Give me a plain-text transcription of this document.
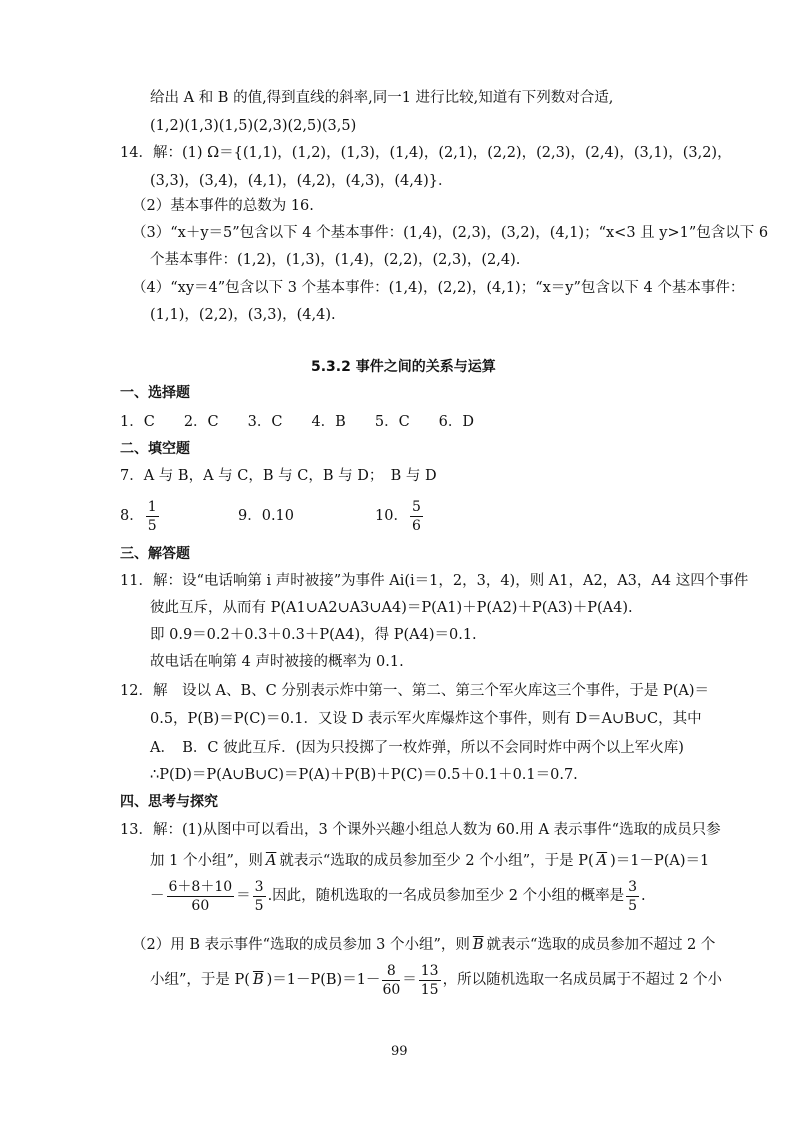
给出 A 和 B 的值,得到直线的斜率,同一1 进行比较,知道有下列数对合适,
(1,2)(1,3)(1,5)(2,3)(2,5)(3,5)
14．解：(1) Ω＝{(1,1)，(1,2)，(1,3)，(1,4)，(2,1)，(2,2)，(2,3)，(2,4)，(3,1)，(3,2)，
(3,3)，(3,4)，(4,1)，(4,2)，(4,3)，(4,4)}．
（2）基本事件的总数为 16.
（3）“x＋y＝5”包含以下 4 个基本事件：(1,4)，(2,3)，(3,2)，(4,1)；“x<3 且 y>1”包含以下 6
个基本事件：(1,2)，(1,3)，(1,4)，(2,2)，(2,3)，(2,4).
（4）“xy＝4”包含以下 3 个基本事件：(1,4)，(2,2)，(4,1)；“x＝y”包含以下 4 个基本事件：
(1,1)，(2,2)，(3,3)，(4,4).
5.3.2 事件之间的关系与运算
一、选择题
1．C　　2．C　　3．C　　4．B　　5．C　　6．D
二、填空题
7．A 与 B，A 与 C，B 与 C，B 与 D；　B 与 D
8． $\frac{1}{5}$	9．0.10	10． $\frac{5}{6}$
三、解答题
11．解：设“电话响第 i 声时被接”为事件 Ai(i＝1，2，3，4)，则 A1，A2，A3，A4 这四个事件
彼此互斥，从而有 P(A1∪A2∪A3∪A4)＝P(A1)＋P(A2)＋P(A3)＋P(A4).
即 0.9＝0.2＋0.3＋0.3＋P(A4)，得 P(A4)＝0.1.
故电话在响第 4 声时被接的概率为 0.1.
12．解　设以 A、B、C 分别表示炸中第一、第二、第三个军火库这三个事件，于是 P(A)＝
0.5，P(B)＝P(C)＝0.1．又设 D 表示军火库爆炸这个事件，则有 D＝A∪B∪C，其中
A．　B．C 彼此互斥．(因为只投掷了一枚炸弹，所以不会同时炸中两个以上军火库)
∴P(D)＝P(A∪B∪C)＝P(A)＋P(B)＋P(C)＝0.5＋0.1＋0.1＝0.7.
四、思考与探究
13．解：(1)从图中可以看出，3 个课外兴趣小组总人数为 60.用 A 表示事件“选取的成员只参
加 1 个小组”，则 $\overline{A}$ 就表示“选取的成员参加至少 2 个小组”，于是 P( $\overline{A}$ )＝1－P(A)＝1
－ $\frac{6+8+10}{60} = \frac{3}{5}$ .因此，随机选取的一名成员参加至少 2 个小组的概率是 $\frac{3}{5}$ .
（2）用 B 表示事件“选取的成员参加 3 个小组”，则 $\overline{B}$ 就表示“选取的成员参加不超过 2 个
小组”，于是 P( $\overline{B}$ )$=1-P(B)=1- \frac{8}{60} = \frac{13}{15}$ ，所以随机选取一名成员属于不超过 2 个小
99
